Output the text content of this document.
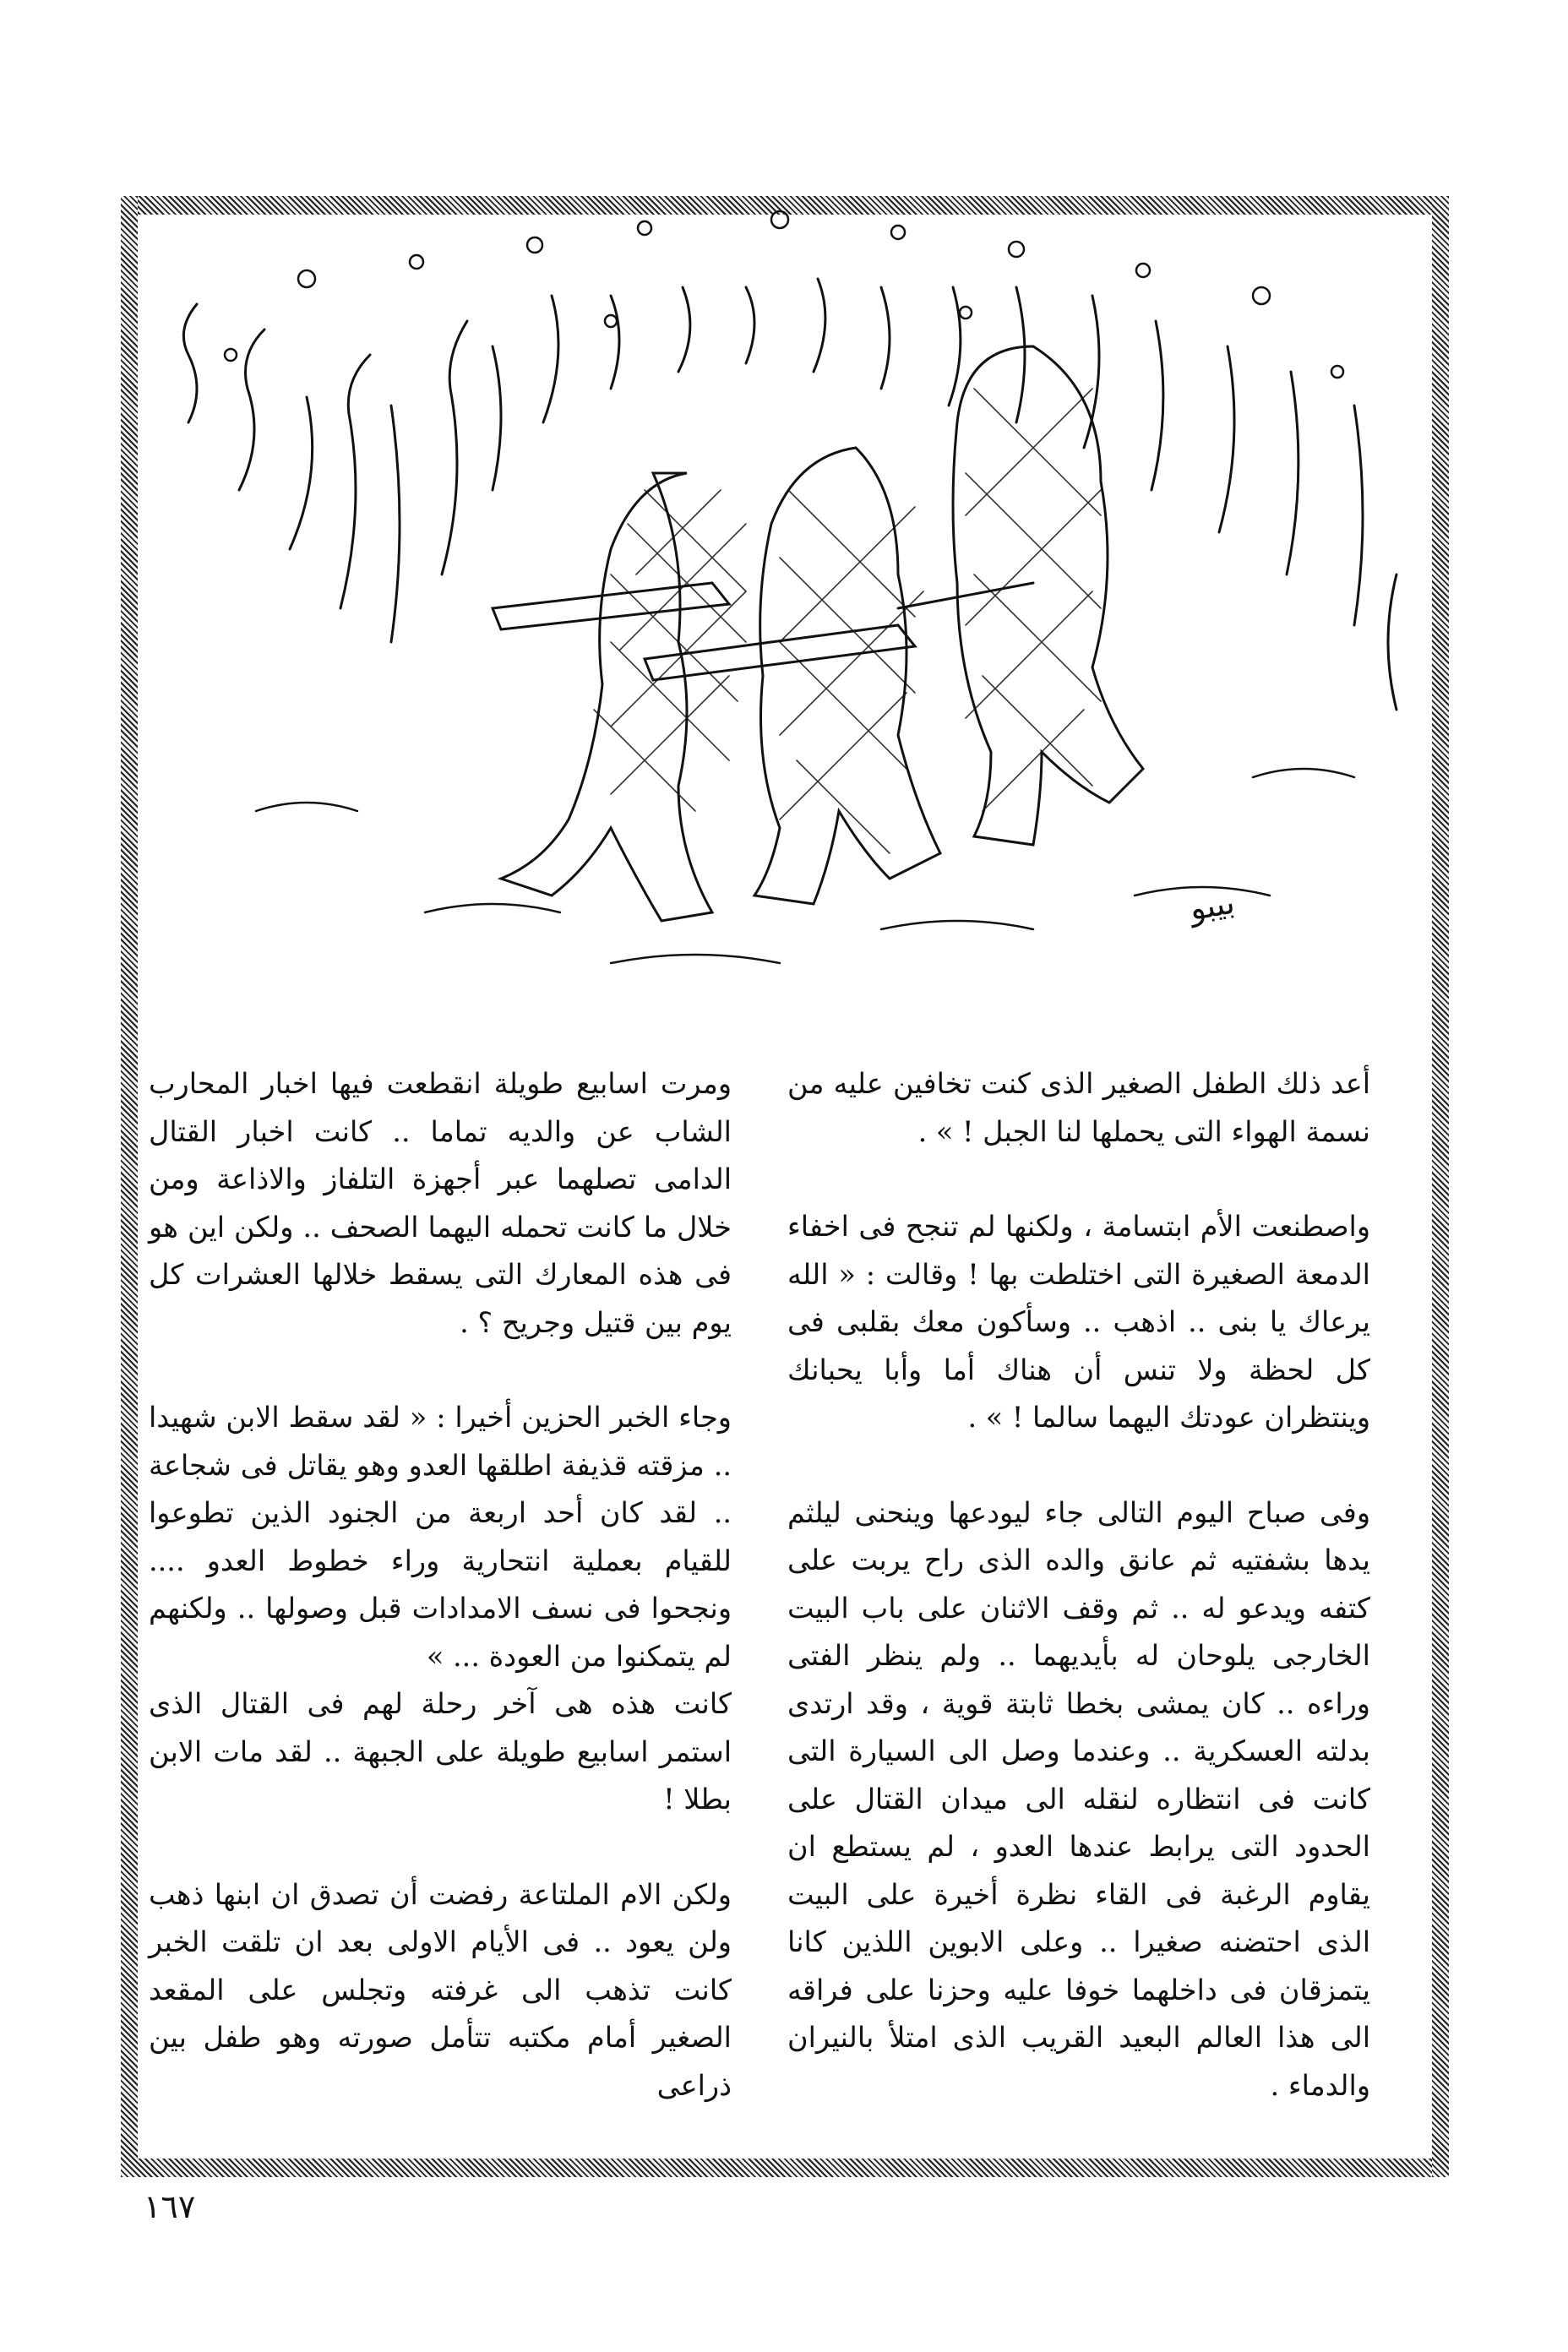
بيبو

أعد ذلك الطفل الصغير الذى كنت تخافين عليه من نسمة الهواء التى يحملها لنا الجبل ! » .

واصطنعت الأم ابتسامة ، ولكنها لم تنجح فى اخفاء الدمعة الصغيرة التى اختلطت بها ! وقالت : « الله يرعاك يا بنى .. اذهب .. وسأكون معك بقلبى فى كل لحظة ولا تنس أن هناك أما وأبا يحبانك وينتظران عودتك اليهما سالما ! » .

وفى صباح اليوم التالى جاء ليودعها وينحنى ليلثم يدها بشفتيه ثم عانق والده الذى راح يربت على كتفه ويدعو له .. ثم وقف الاثنان على باب البيت الخارجى يلوحان له بأيديهما .. ولم ينظر الفتى وراءه .. كان يمشى بخطا ثابتة قوية ، وقد ارتدى بدلته العسكرية .. وعندما وصل الى السيارة التى كانت فى انتظاره لنقله الى ميدان القتال على الحدود التى يرابط عندها العدو ، لم يستطع ان يقاوم الرغبة فى القاء نظرة أخيرة على البيت الذى احتضنه صغيرا .. وعلى الابوين اللذين كانا يتمزقان فى داخلهما خوفا عليه وحزنا على فراقه الى هذا العالم البعيد القريب الذى امتلأ بالنيران والدماء .

ومرت اسابيع طويلة انقطعت فيها اخبار المحارب الشاب عن والديه تماما .. كانت اخبار القتال الدامى تصلهما عبر أجهزة التلفاز والاذاعة ومن خلال ما كانت تحمله اليهما الصحف .. ولكن اين هو فى هذه المعارك التى يسقط خلالها العشرات كل يوم بين قتيل وجريح ؟ .

وجاء الخبر الحزين أخيرا : « لقد سقط الابن شهيدا .. مزقته قذيفة اطلقها العدو وهو يقاتل فى شجاعة .. لقد كان أحد اربعة من الجنود الذين تطوعوا للقيام بعملية انتحارية وراء خطوط العدو .... ونجحوا فى نسف الامدادات قبل وصولها .. ولكنهم لم يتمكنوا من العودة ... »

كانت هذه هى آخر رحلة لهم فى القتال الذى استمر اسابيع طويلة على الجبهة .. لقد مات الابن بطلا !

ولكن الام الملتاعة رفضت أن تصدق ان ابنها ذهب ولن يعود .. فى الأيام الاولى بعد ان تلقت الخبر كانت تذهب الى غرفته وتجلس على المقعد الصغير أمام مكتبه تتأمل صورته وهو طفل بين ذراعى

١٦٧
